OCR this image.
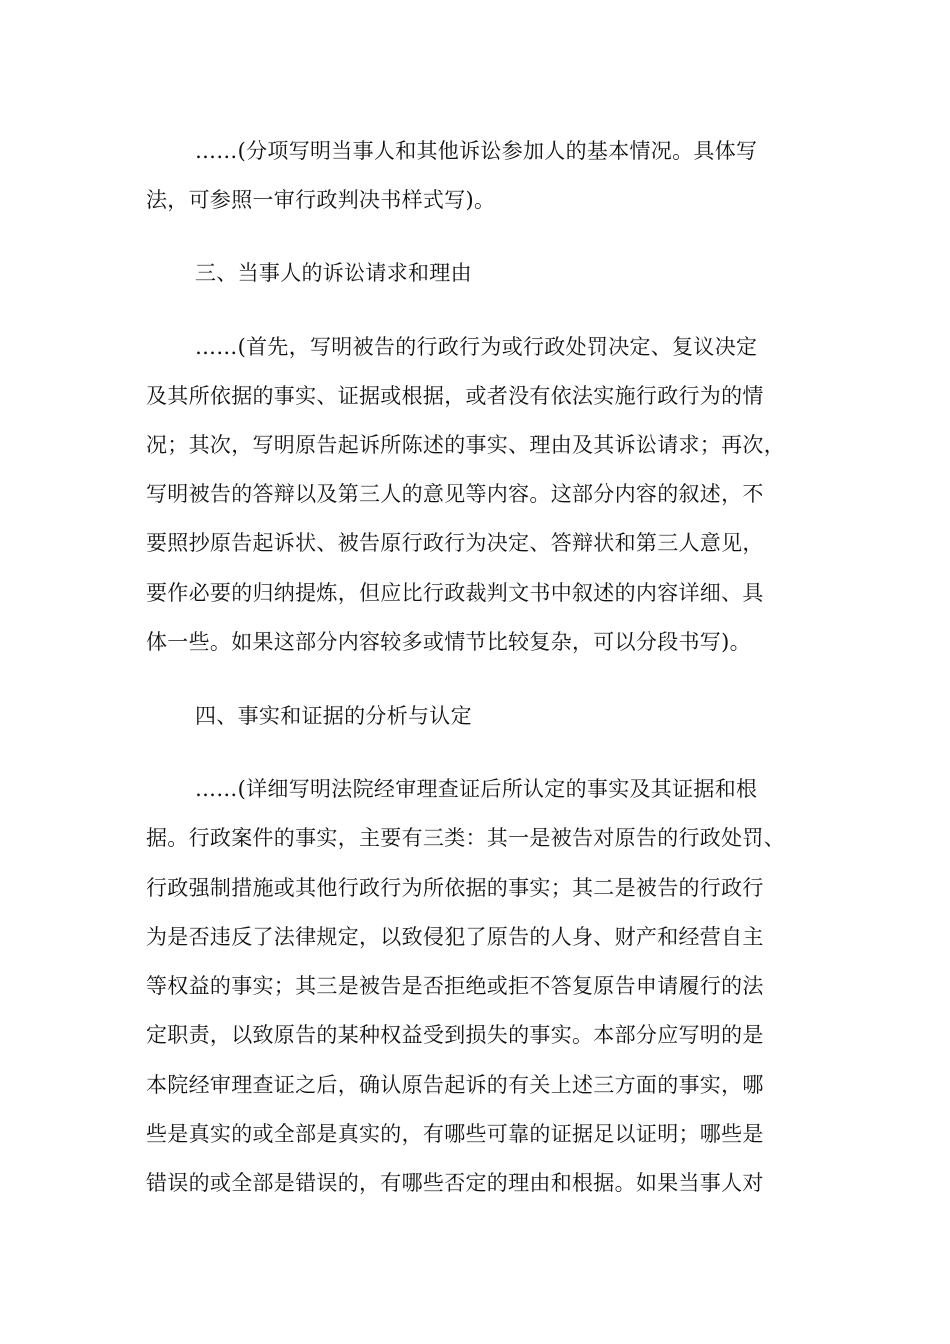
……(分项写明当事人和其他诉讼参加人的基本情况。具体写
法，可参照一审行政判决书样式写)。
三、当事人的诉讼请求和理由
……(首先，写明被告的行政行为或行政处罚决定、复议决定
及其所依据的事实、证据或根据，或者没有依法实施行政行为的情
况；其次，写明原告起诉所陈述的事实、理由及其诉讼请求；再次，
写明被告的答辩以及第三人的意见等内容。这部分内容的叙述，不
要照抄原告起诉状、被告原行政行为决定、答辩状和第三人意见，
要作必要的归纳提炼，但应比行政裁判文书中叙述的内容详细、具
体一些。如果这部分内容较多或情节比较复杂，可以分段书写)。
四、事实和证据的分析与认定
……(详细写明法院经审理查证后所认定的事实及其证据和根
据。行政案件的事实，主要有三类：其一是被告对原告的行政处罚、
行政强制措施或其他行政行为所依据的事实；其二是被告的行政行
为是否违反了法律规定，以致侵犯了原告的人身、财产和经营自主
等权益的事实；其三是被告是否拒绝或拒不答复原告申请履行的法
定职责，以致原告的某种权益受到损失的事实。本部分应写明的是
本院经审理查证之后，确认原告起诉的有关上述三方面的事实，哪
些是真实的或全部是真实的，有哪些可靠的证据足以证明；哪些是
错误的或全部是错误的，有哪些否定的理由和根据。如果当事人对
